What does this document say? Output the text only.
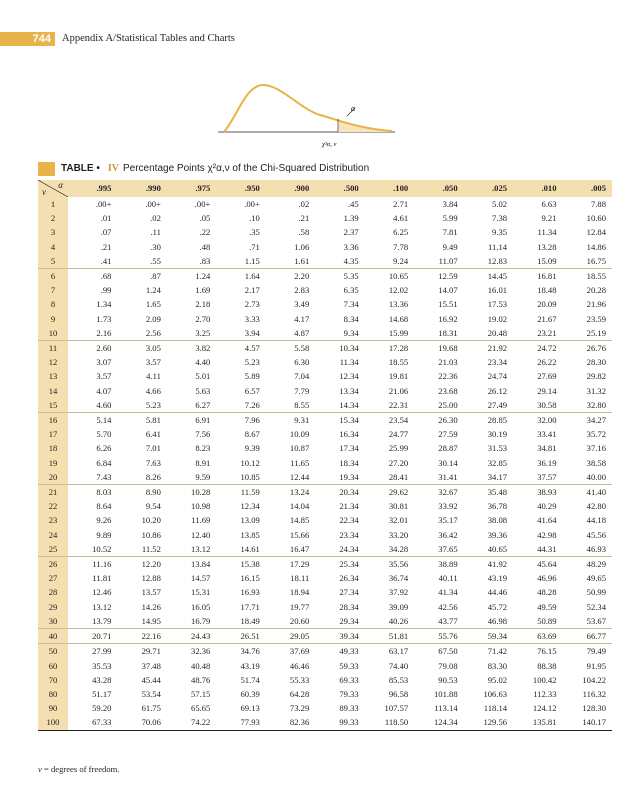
744	Appendix A/Statistical Tables and Charts
α
χ²α, ν
TABLE • IV Percentage Points χ²α,ν of the Chi-Squared Distribution
α
ν	.995	.990	.975	.950	.900	.500	.100	.050	.025	.010	.005
1	.00+	.00+	.00+	.00+	.02	.45	2.71	3.84	5.02	6.63	7.88
2	.01	.02	.05	.10	.21	1.39	4.61	5.99	7.38	9.21	10.60
3	.07	.11	.22	.35	.58	2.37	6.25	7.81	9.35	11.34	12.84
4	.21	.30	.48	.71	1.06	3.36	7.78	9.49	11.14	13.28	14.86
5	.41	.55	.83	1.15	1.61	4.35	9.24	11.07	12.83	15.09	16.75
6	.68	.87	1.24	1.64	2.20	5.35	10.65	12.59	14.45	16.81	18.55
7	.99	1.24	1.69	2.17	2.83	6.35	12.02	14.07	16.01	18.48	20.28
8	1.34	1.65	2.18	2.73	3.49	7.34	13.36	15.51	17.53	20.09	21.96
9	1.73	2.09	2.70	3.33	4.17	8.34	14.68	16.92	19.02	21.67	23.59
10	2.16	2.56	3.25	3.94	4.87	9.34	15.99	18.31	20.48	23.21	25.19
11	2.60	3.05	3.82	4.57	5.58	10.34	17.28	19.68	21.92	24.72	26.76
12	3.07	3.57	4.40	5.23	6.30	11.34	18.55	21.03	23.34	26.22	28.30
13	3.57	4.11	5.01	5.89	7.04	12.34	19.81	22.36	24.74	27.69	29.82
14	4.07	4.66	5.63	6.57	7.79	13.34	21.06	23.68	26.12	29.14	31.32
15	4.60	5.23	6.27	7.26	8.55	14.34	22.31	25.00	27.49	30.58	32.80
16	5.14	5.81	6.91	7.96	9.31	15.34	23.54	26.30	28.85	32.00	34.27
17	5.70	6.41	7.56	8.67	10.09	16.34	24.77	27.59	30.19	33.41	35.72
18	6.26	7.01	8.23	9.39	10.87	17.34	25.99	28.87	31.53	34.81	37.16
19	6.84	7.63	8.91	10.12	11.65	18.34	27.20	30.14	32.85	36.19	38.58
20	7.43	8.26	9.59	10.85	12.44	19.34	28.41	31.41	34.17	37.57	40.00
21	8.03	8.90	10.28	11.59	13.24	20.34	29.62	32.67	35.48	38.93	41.40
22	8.64	9.54	10.98	12.34	14.04	21.34	30.81	33.92	36.78	40.29	42.80
23	9.26	10.20	11.69	13.09	14.85	22.34	32.01	35.17	38.08	41.64	44.18
24	9.89	10.86	12.40	13.85	15.66	23.34	33.20	36.42	39.36	42.98	45.56
25	10.52	11.52	13.12	14.61	16.47	24.34	34.28	37.65	40.65	44.31	46.93
26	11.16	12.20	13.84	15.38	17.29	25.34	35.56	38.89	41.92	45.64	48.29
27	11.81	12.88	14.57	16.15	18.11	26.34	36.74	40.11	43.19	46.96	49.65
28	12.46	13.57	15.31	16.93	18.94	27.34	37.92	41.34	44.46	48.28	50.99
29	13.12	14.26	16.05	17.71	19.77	28.34	39.09	42.56	45.72	49.59	52.34
30	13.79	14.95	16.79	18.49	20.60	29.34	40.26	43.77	46.98	50.89	53.67
40	20.71	22.16	24.43	26.51	29.05	39.34	51.81	55.76	59.34	63.69	66.77
50	27.99	29.71	32.36	34.76	37.69	49.33	63.17	67.50	71.42	76.15	79.49
60	35.53	37.48	40.48	43.19	46.46	59.33	74.40	79.08	83.30	88.38	91.95
70	43.28	45.44	48.76	51.74	55.33	69.33	85.53	90.53	95.02	100.42	104.22
80	51.17	53.54	57.15	60.39	64.28	79.33	96.58	101.88	106.63	112.33	116.32
90	59.20	61.75	65.65	69.13	73.29	89.33	107.57	113.14	118.14	124.12	128.30
100	67.33	70.06	74.22	77.93	82.36	99.33	118.50	124.34	129.56	135.81	140.17
ν = degrees of freedom.
